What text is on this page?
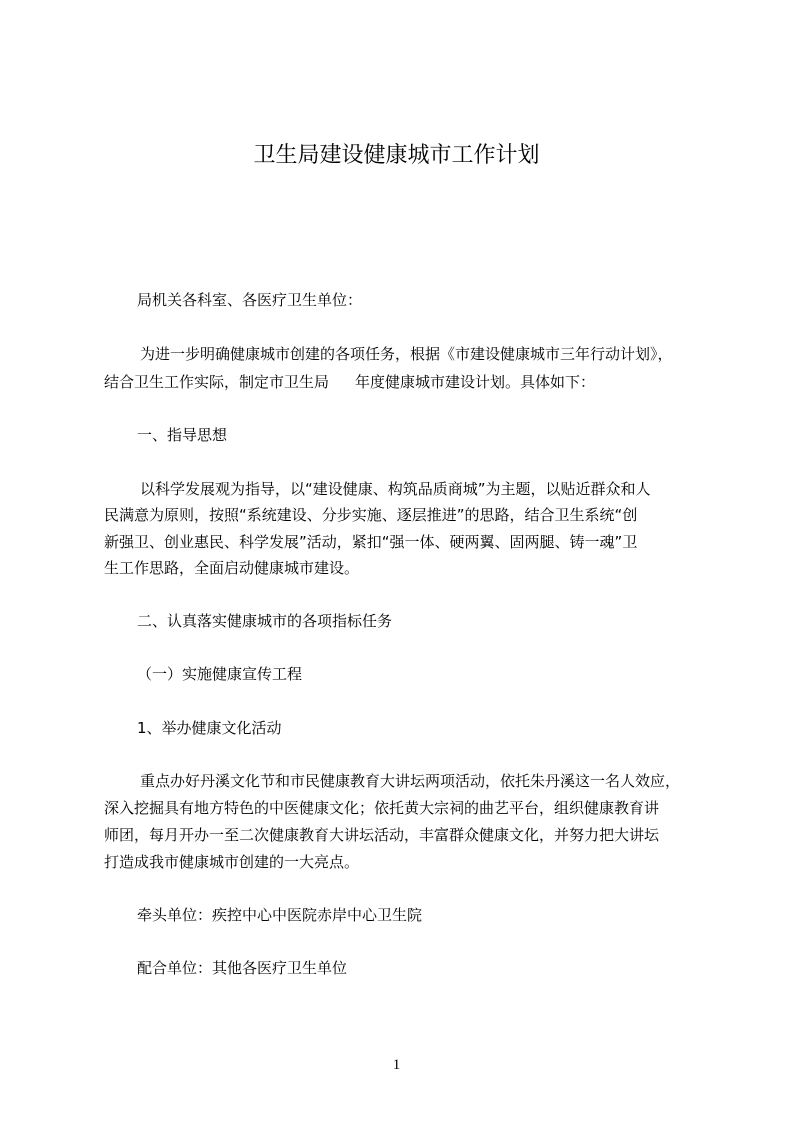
卫生局建设健康城市工作计划

局机关各科室、各医疗卫生单位：

为进一步明确健康城市创建的各项任务，根据《市建设健康城市三年行动计划》，

结合卫生工作实际，制定市卫生局 年度健康城市建设计划。具体如下：

一、指导思想

以科学发展观为指导，以“建设健康、构筑品质商城”为主题，以贴近群众和人

民满意为原则，按照“系统建设、分步实施、逐层推进”的思路，结合卫生系统“创

新强卫、创业惠民、科学发展”活动，紧扣“强一体、硬两翼、固两腿、铸一魂”卫

生工作思路，全面启动健康城市建设。

二、认真落实健康城市的各项指标任务

（一）实施健康宣传工程

1、举办健康文化活动

重点办好丹溪文化节和市民健康教育大讲坛两项活动，依托朱丹溪这一名人效应，

深入挖掘具有地方特色的中医健康文化；依托黄大宗祠的曲艺平台，组织健康教育讲

师团，每月开办一至二次健康教育大讲坛活动，丰富群众健康文化，并努力把大讲坛

打造成我市健康城市创建的一大亮点。

牵头单位：疾控中心中医院赤岸中心卫生院

配合单位：其他各医疗卫生单位

1
